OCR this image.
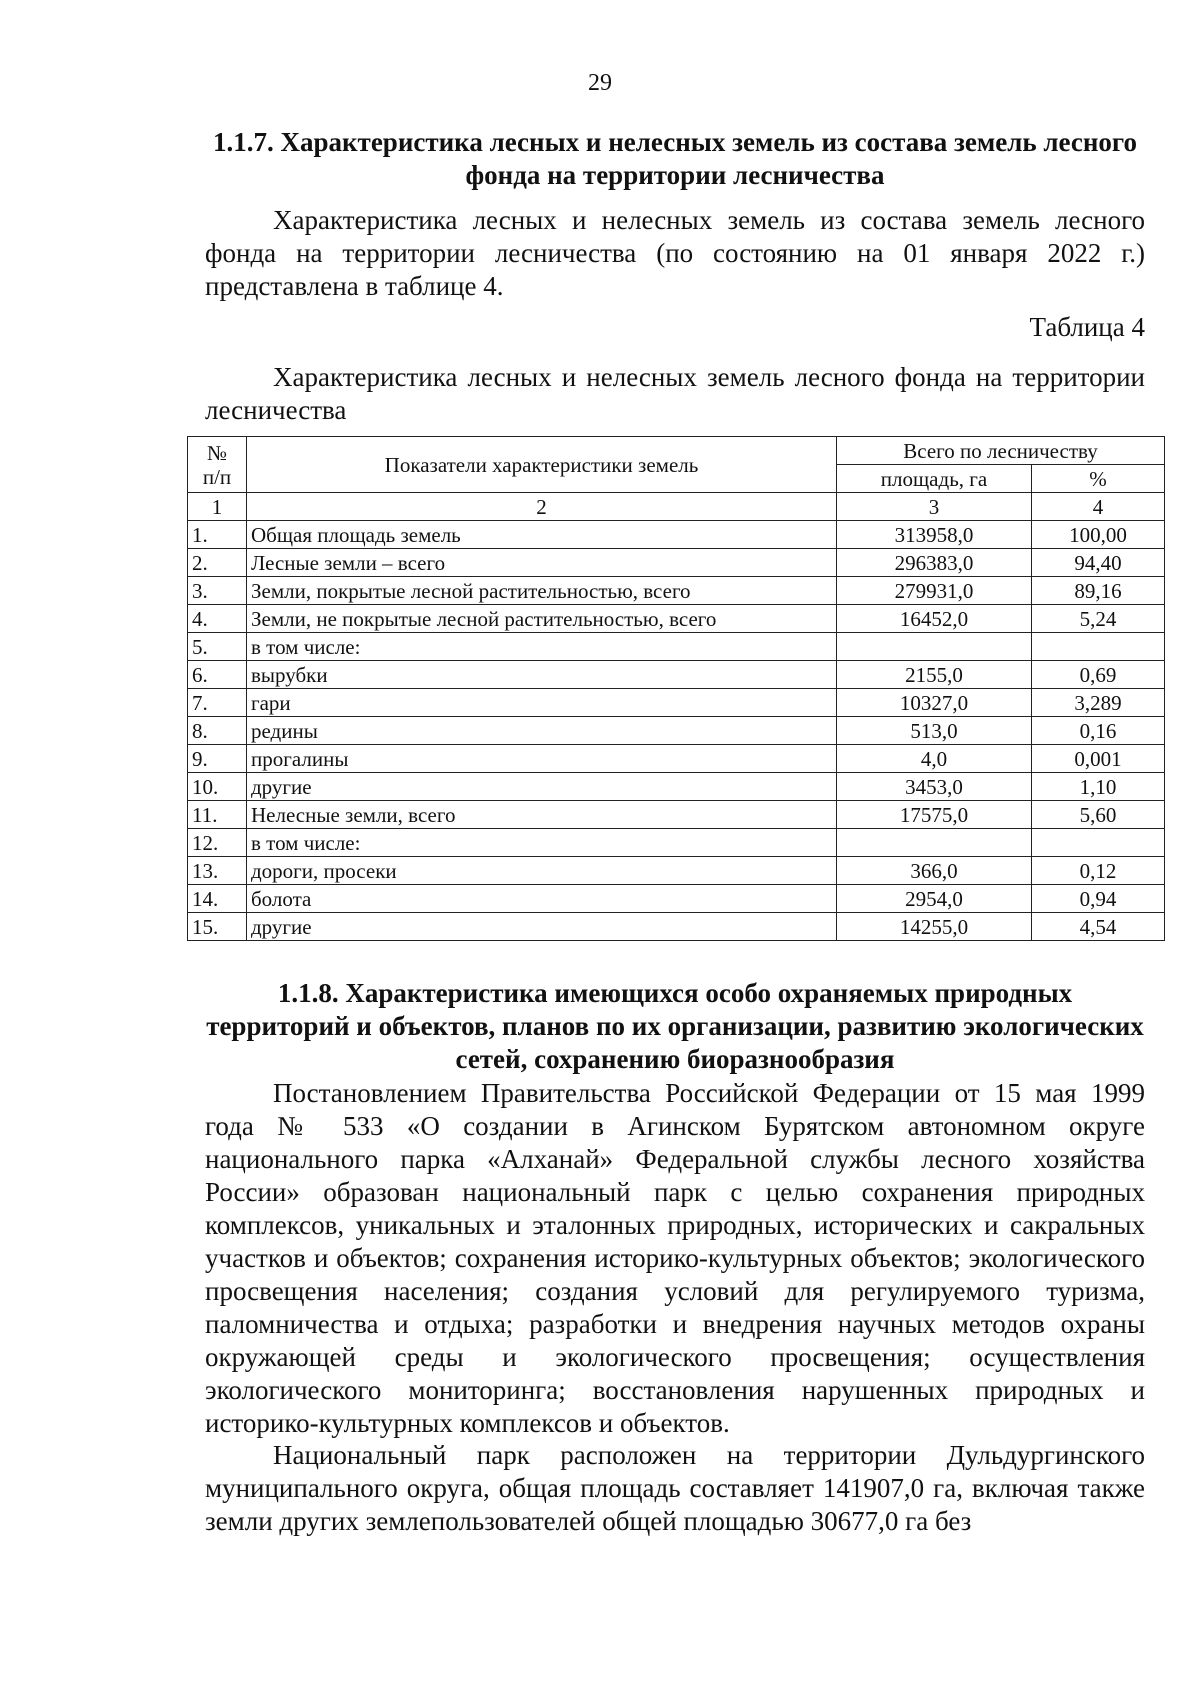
29
1.1.7. Характеристика лесных и нелесных земель из состава земель лесного фонда на территории лесничества

Характеристика лесных и нелесных земель из состава земель лесного фонда на территории лесничества (по состоянию на 01 января 2022 г.) представлена в таблице 4.

Таблица 4

Характеристика лесных и нелесных земель лесного фонда на территории лесничества

№
п/п	Показатели характеристики земель	Всего по лесничеству	
		площадь, га	%
1	2	3	4
1.	Общая площадь земель	313958,0	100,00
2.	Лесные земли – всего	296383,0	94,40
3.	Земли, покрытые лесной растительностью, всего	279931,0	89,16
4.	Земли, не покрытые лесной растительностью, всего	16452,0	5,24
5.	в том числе:		
6.	вырубки	2155,0	0,69
7.	гари	10327,0	3,289
8.	редины	513,0	0,16
9.	прогалины	4,0	0,001
10.	другие	3453,0	1,10
11.	Нелесные земли, всего	17575,0	5,60
12.	в том числе:		
13.	дороги, просеки	366,0	0,12
14.	болота	2954,0	0,94
15.	другие	14255,0	4,54
1.1.8. Характеристика имеющихся особо охраняемых природных территорий и объектов, планов по их организации, развитию экологических сетей, сохранению биоразнообразия

Постановлением Правительства Российской Федерации от 15 мая 1999 года № 533 «О создании в Агинском Бурятском автономном округе национального парка «Алханай» Федеральной службы лесного хозяйства России» образован национальный парк с целью сохранения природных комплексов, уникальных и эталонных природных, исторических и сакральных участков и объектов; сохранения историко-культурных объектов; экологического просвещения населения; создания условий для регулируемого туризма, паломничества и отдыха; разработки и внедрения научных методов охраны окружающей среды и экологического просвещения; осуществления экологического мониторинга; восстановления нарушенных природных и историко-культурных комплексов и объектов.

Национальный парк расположен на территории Дульдургинского муниципального округа, общая площадь составляет 141907,0 га, включая также земли других землепользователей общей площадью 30677,0 га без
